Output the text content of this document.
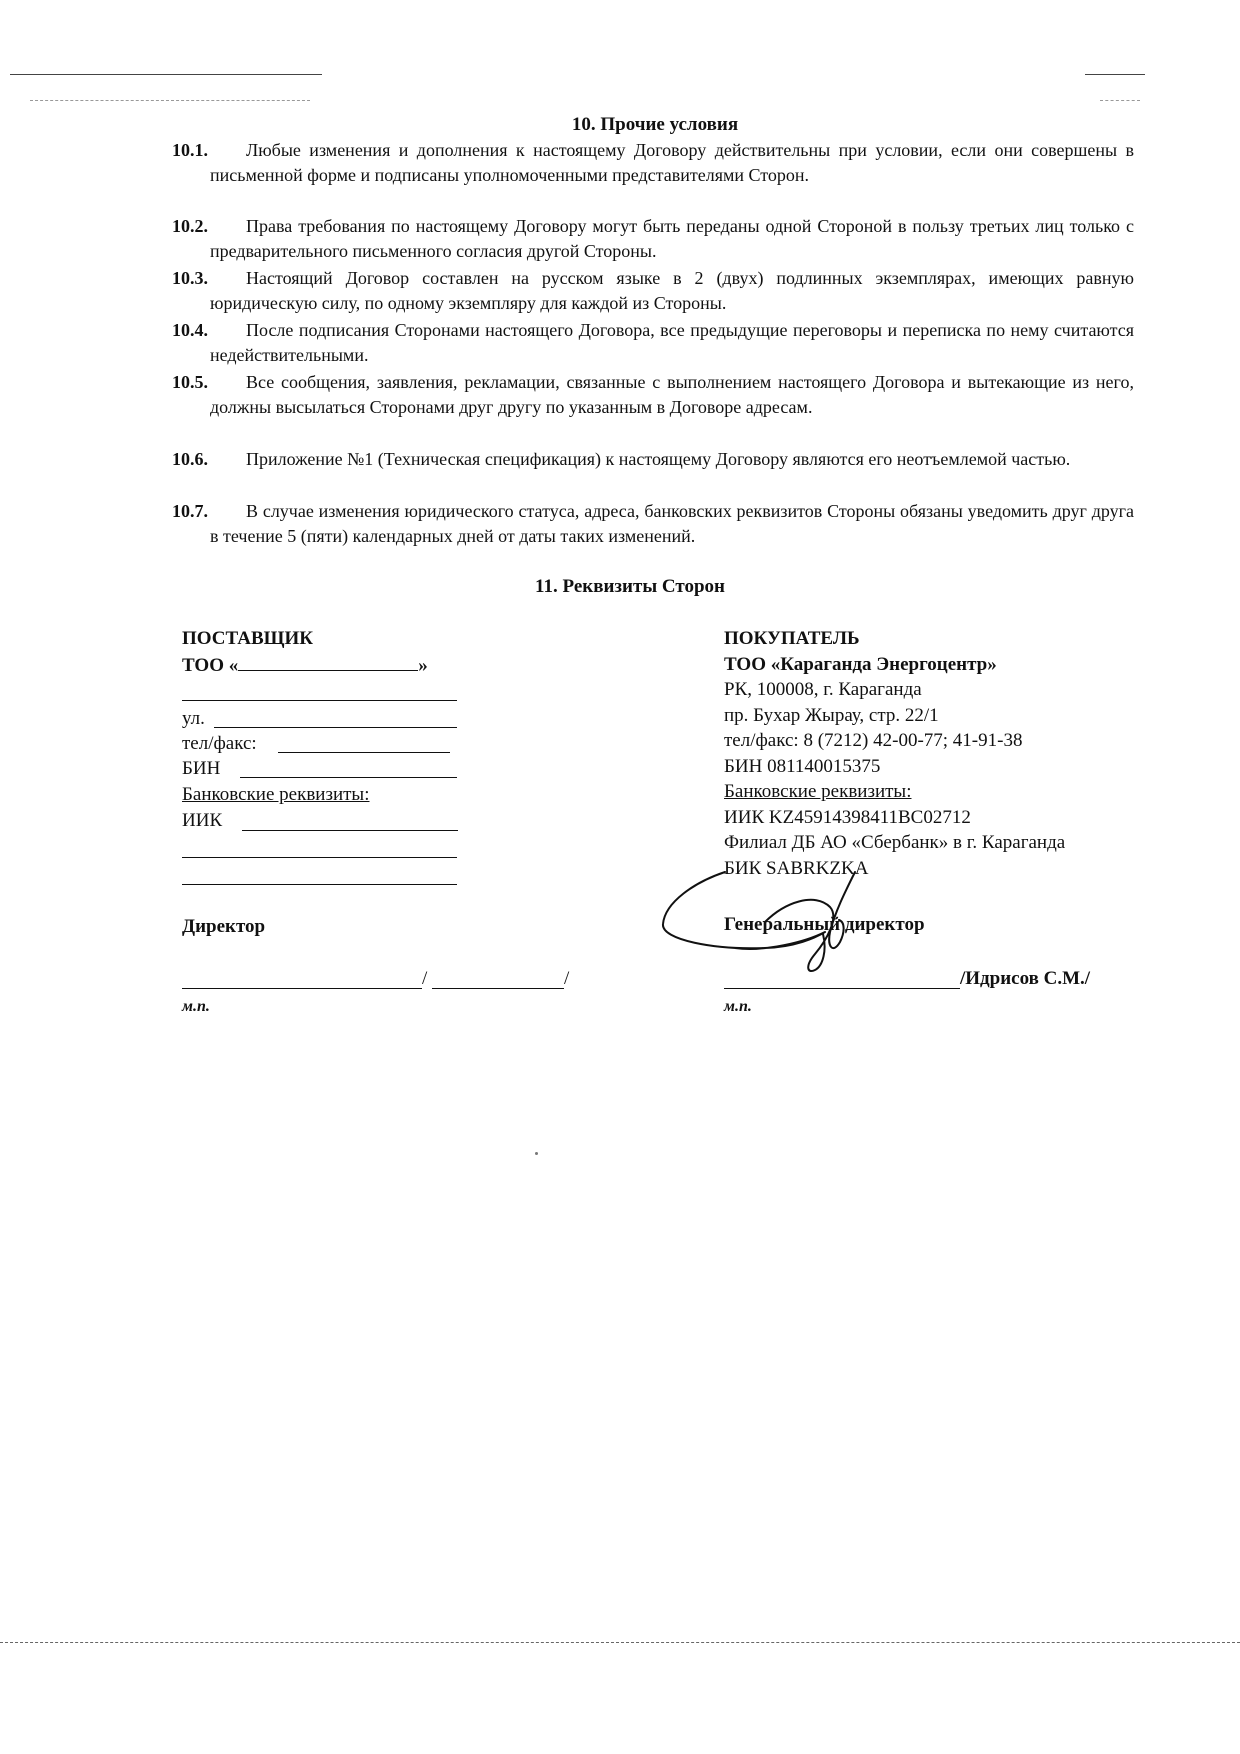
10. Прочие условия
10.1.	Любые изменения и дополнения к настоящему Договору действительны при условии, если они совершены в письменной форме и подписаны уполномоченными представителями Сторон.
10.2.	Права требования по настоящему Договору могут быть переданы одной Стороной в пользу третьих лиц только с предварительного письменного согласия другой Стороны.
10.3.	Настоящий Договор составлен на русском языке в 2 (двух) подлинных экземплярах, имеющих равную юридическую силу, по одному экземпляру для каждой из Стороны.
10.4.	После подписания Сторонами настоящего Договора, все предыдущие переговоры и переписка по нему считаются недействительными.
10.5.	Все сообщения, заявления, рекламации, связанные с выполнением настоящего Договора и вытекающие из него, должны высылаться Сторонами друг другу по указанным в Договоре адресам.
10.6.	Приложение №1 (Техническая спецификация) к настоящему Договору являются его неотъемлемой частью.
10.7.	В случае изменения юридического статуса, адреса, банковских реквизитов Стороны обязаны уведомить друг друга в течение 5 (пяти) календарных дней от даты таких изменений.
11. Реквизиты Сторон
ПОСТАВЩИК
ТОО «	»
ул.
тел/факс:
БИН
Банковские реквизиты:
ИИК
Директор
/	/
м.п.
ПОКУПАТЕЛЬ
ТОО «Караганда Энергоцентр»
РК, 100008, г. Караганда
пр. Бухар Жырау, стр. 22/1
тел/факс: 8 (7212) 42-00-77; 41-91-38
БИН 081140015375
Банковские реквизиты:
ИИК KZ45914398411BC02712
Филиал ДБ АО «Сбербанк» в г. Караганда
БИК SABRKZKA
Генеральный директор
/Идрисов С.М./
м.п.
